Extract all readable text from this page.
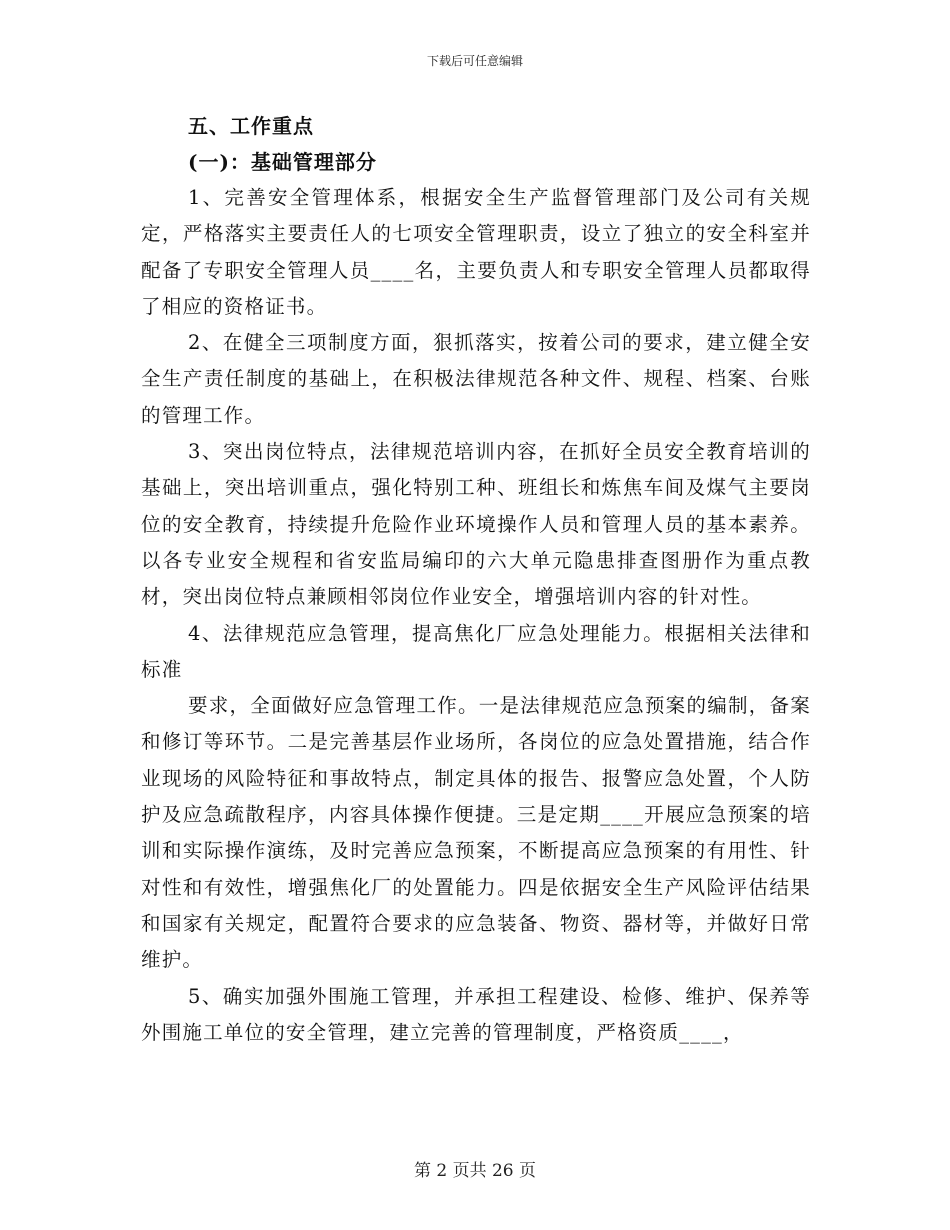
下载后可任意编辑
五、工作重点
(一)：基础管理部分

1、完善安全管理体系，根据安全生产监督管理部门及公司有关规定，严格落实主要责任人的七项安全管理职责，设立了独立的安全科室并配备了专职安全管理人员____名，主要负责人和专职安全管理人员都取得了相应的资格证书。

2、在健全三项制度方面，狠抓落实，按着公司的要求，建立健全安全生产责任制度的基础上，在积极法律规范各种文件、规程、档案、台账的管理工作。

3、突出岗位特点，法律规范培训内容，在抓好全员安全教育培训的基础上，突出培训重点，强化特别工种、班组长和炼焦车间及煤气主要岗位的安全教育，持续提升危险作业环境操作人员和管理人员的基本素养。以各专业安全规程和省安监局编印的六大单元隐患排查图册作为重点教材，突出岗位特点兼顾相邻岗位作业安全，增强培训内容的针对性。

4、法律规范应急管理，提高焦化厂应急处理能力。根据相关法律和标准

要求，全面做好应急管理工作。一是法律规范应急预案的编制，备案和修订等环节。二是完善基层作业场所，各岗位的应急处置措施，结合作业现场的风险特征和事故特点，制定具体的报告、报警应急处置，个人防护及应急疏散程序，内容具体操作便捷。三是定期____开展应急预案的培训和实际操作演练，及时完善应急预案，不断提高应急预案的有用性、针对性和有效性，增强焦化厂的处置能力。四是依据安全生产风险评估结果和国家有关规定，配置符合要求的应急装备、物资、器材等，并做好日常维护。

5、确实加强外围施工管理，并承担工程建设、检修、维护、保养等外围施工单位的安全管理，建立完善的管理制度，严格资质____，

第 2 页共 26 页
